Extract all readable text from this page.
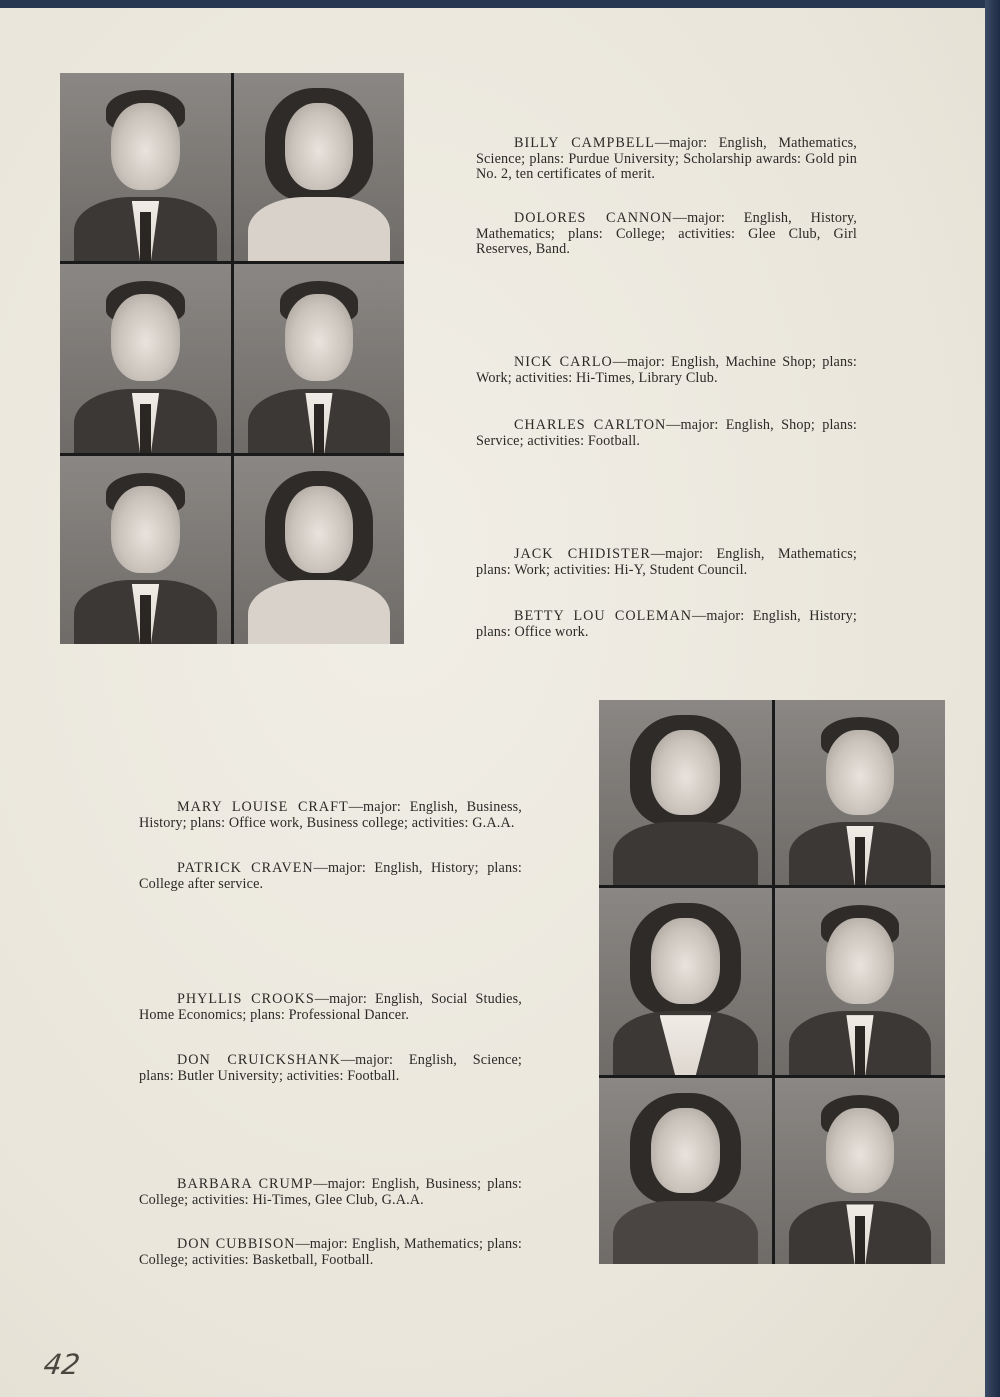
BILLY CAMPBELL—major: English, Mathematics, Science; plans: Purdue University; Scholarship awards: Gold pin No. 2, ten certificates of merit.
DOLORES CANNON—major: English, History, Mathematics; plans: College; activities: Glee Club, Girl Reserves, Band.
NICK CARLO—major: English, Machine Shop; plans: Work; activities: Hi-Times, Library Club.
CHARLES CARLTON—major: English, Shop; plans: Service; activities: Football.
JACK CHIDISTER—major: English, Mathematics; plans: Work; activities: Hi-Y, Student Council.
BETTY LOU COLEMAN—major: English, History; plans: Office work.
MARY LOUISE CRAFT—major: English, Business, History; plans: Office work, Business college; activities: G.A.A.
PATRICK CRAVEN—major: English, History; plans: College after service.
PHYLLIS CROOKS—major: English, Social Studies, Home Economics; plans: Professional Dancer.
DON CRUICKSHANK—major: English, Science; plans: Butler University; activities: Football.
BARBARA CRUMP—major: English, Business; plans: College; activities: Hi-Times, Glee Club, G.A.A.
DON CUBBISON—major: English, Mathematics; plans: College; activities: Basketball, Football.
42
